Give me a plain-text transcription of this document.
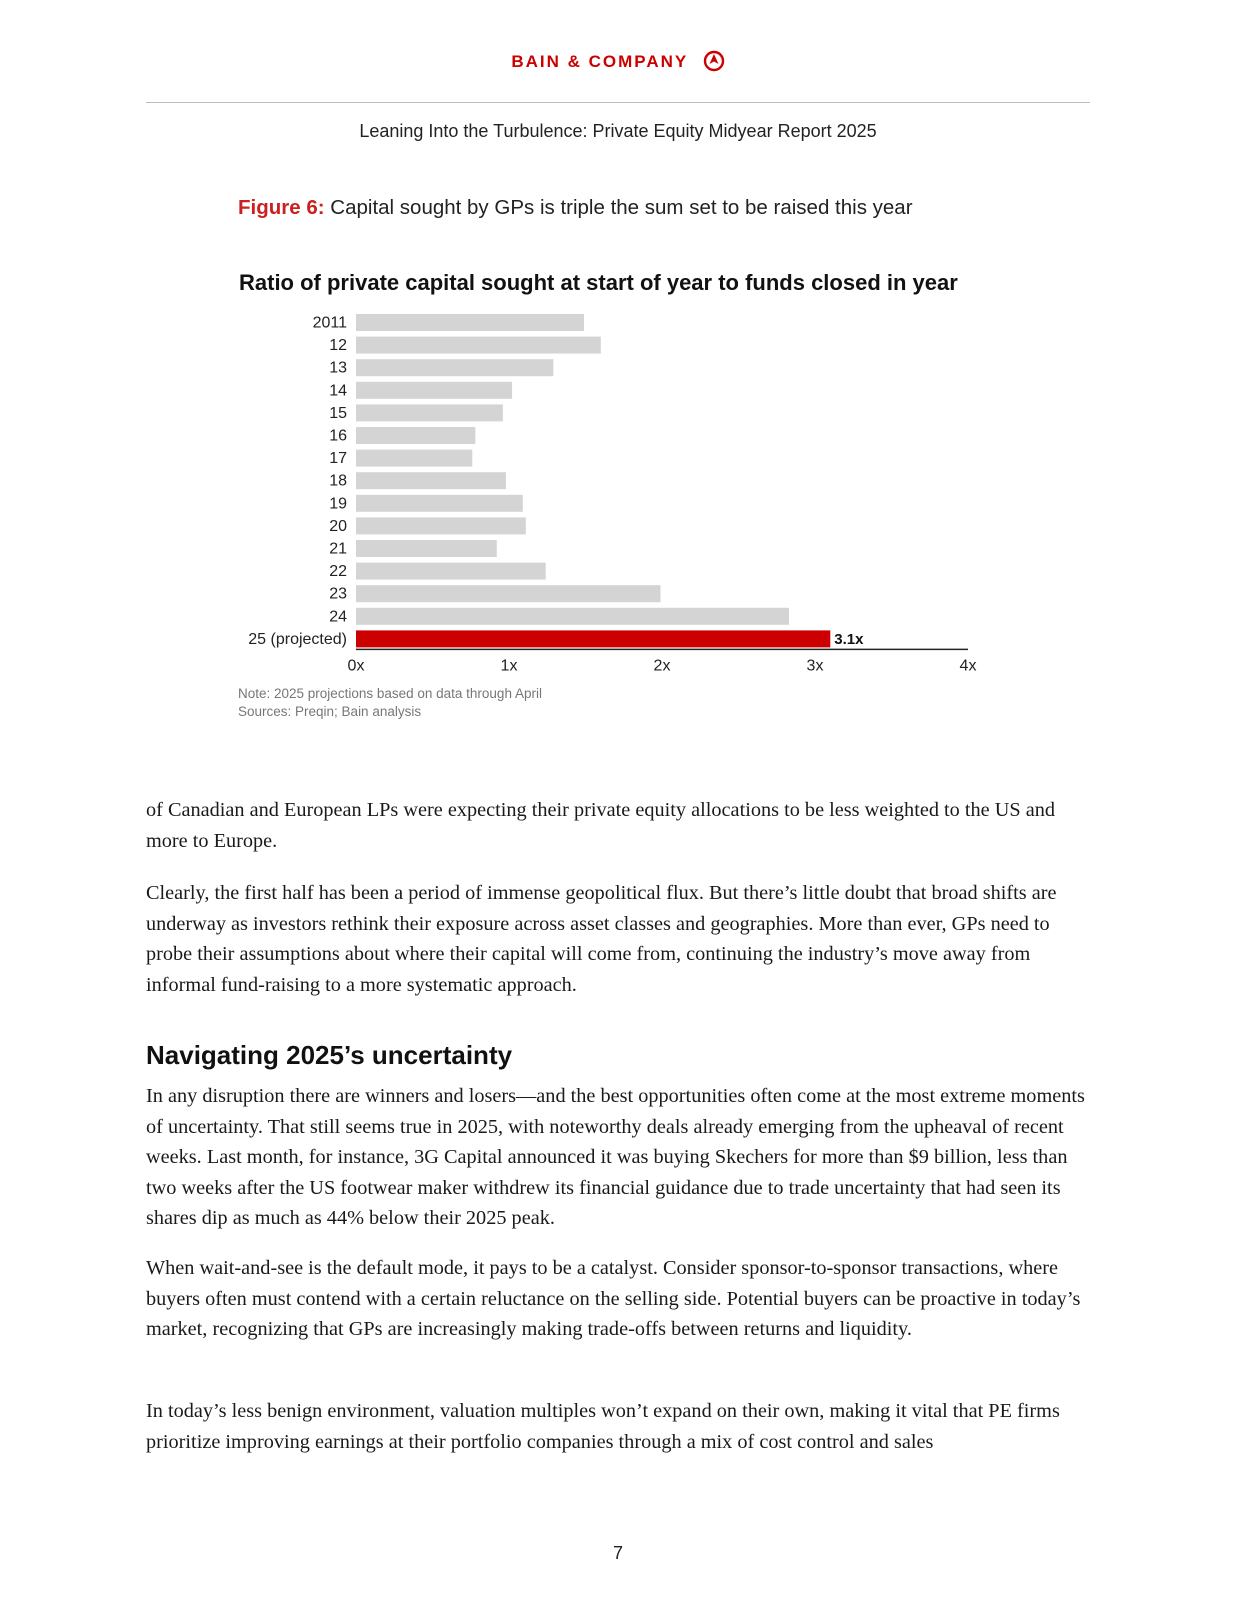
BAIN & COMPANY
Leaning Into the Turbulence: Private Equity Midyear Report 2025
Figure 6: Capital sought by GPs is triple the sum set to be raised this year
Ratio of private capital sought at start of year to funds closed in year
2011
12
13
14
15
16
17
18
19
20
21
22
23
24
25 (projected)	3.1x
0x	1x	2x	3x	4x
Note: 2025 projections based on data through April
Sources: Preqin; Bain analysis

of Canadian and European LPs were expecting their private equity allocations to be less weighted to the US and more to Europe.

Clearly, the first half has been a period of immense geopolitical flux. But there’s little doubt that broad shifts are underway as investors rethink their exposure across asset classes and geographies. More than ever, GPs need to probe their assumptions about where their capital will come from, continuing the industry’s move away from informal fund-raising to a more systematic approach.

Navigating 2025’s uncertainty

In any disruption there are winners and losers—and the best opportunities often come at the most extreme moments of uncertainty. That still seems true in 2025, with noteworthy deals already emerging from the upheaval of recent weeks. Last month, for instance, 3G Capital announced it was buying Skechers for more than $9 billion, less than two weeks after the US footwear maker withdrew its financial guidance due to trade uncertainty that had seen its shares dip as much as 44% below their 2025 peak.

When wait-and-see is the default mode, it pays to be a catalyst. Consider sponsor-to-sponsor transactions, where buyers often must contend with a certain reluctance on the selling side. Potential buyers can be proactive in today’s market, recognizing that GPs are increasingly making trade-offs between returns and liquidity.

In today’s less benign environment, valuation multiples won’t expand on their own, making it vital that PE firms prioritize improving earnings at their portfolio companies through a mix of cost control and sales

7
